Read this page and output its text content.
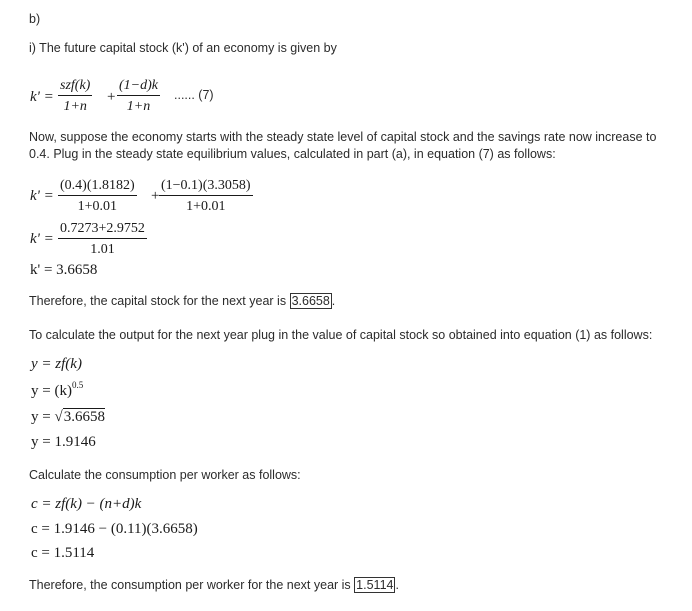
b)
i) The future capital stock (k') of an economy is given by
k' =
szf(k)
1+n
+ $\frac{(1-d)k}{1+n}$ ...... (7)
Now, suppose the economy starts with the steady state level of capital stock and the savings rate now increase to
0.4. Plug in the steady state equilibrium values, calculated in part (a), in equation (7) as follows:
$k' = \frac{(0.4)(1.8182)}{1+0.01} + \frac{(1-0.1)(3.3058)}{1+0.01}$
$k' = \frac{0.7273+2.9752}{1.01}$
k' = 3.6658
Therefore, the capital stock for the next year is 3.6658 .
To calculate the output for the next year plug in the value of capital stock so obtained into equation (1) as follows:
y = zf(k)
$y = (k)^{0.5}$
y = √3.6658
y = 1.9146
Calculate the consumption per worker as follows:
c = zf(k) − (n+d)k
c = 1.9146 − (0.11)(3.6658)
c = 1.5114
Therefore, the consumption per worker for the next year is 1.5114 .
